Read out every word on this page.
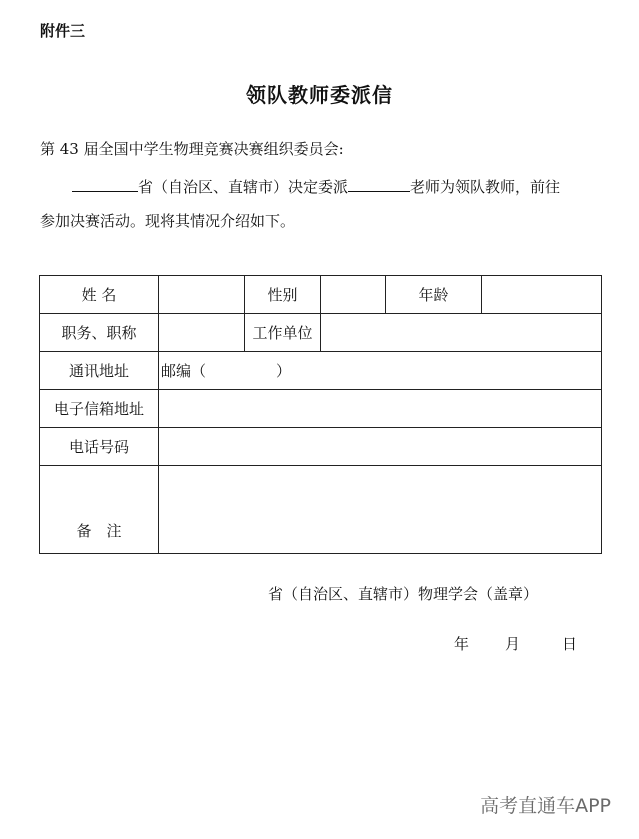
附件三
领队教师委派信
第 43 届全国中学生物理竞赛决赛组织委员会:
省（自治区、直辖市）决定委派	老师为领队教师，前往
参加决赛活动。现将其情况介绍如下。
姓 名		性别		年龄	
职务、职称		工作单位			
通讯地址	邮编（ ）				
电子信箱地址					
电话号码					
备　注					
省（自治区、直辖市）物理学会（盖章）
年 月	日
高考直通车APP
